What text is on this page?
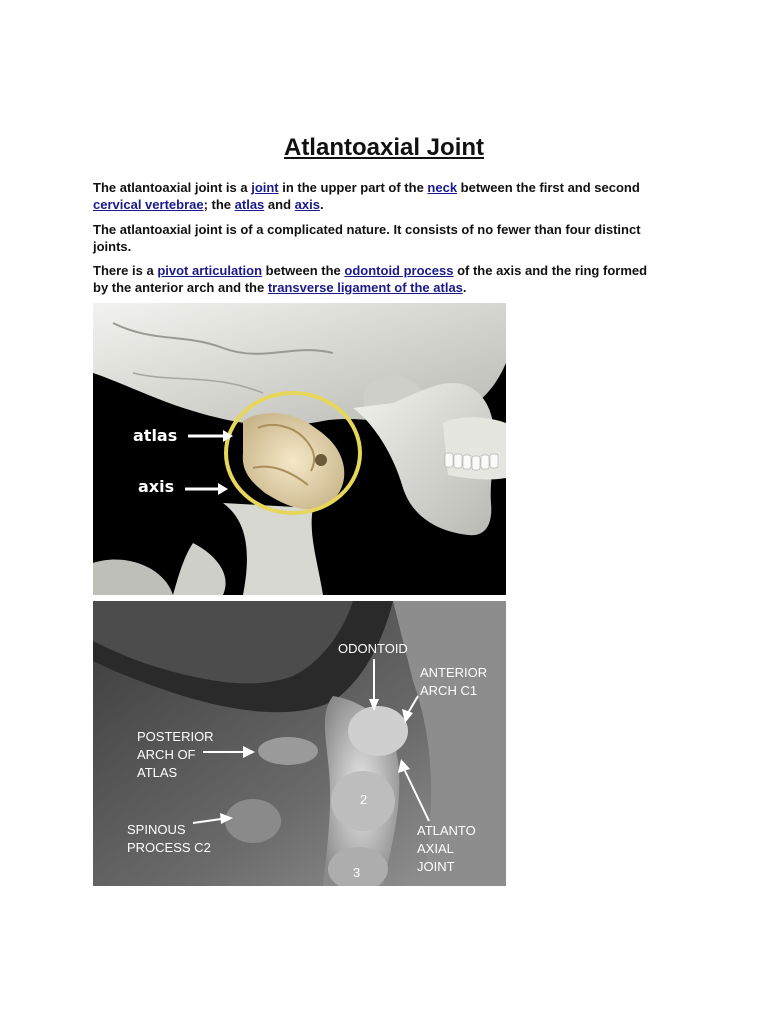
Atlantoaxial Joint

The atlantoaxial joint is a joint in the upper part of the neck between the first and second cervical vertebrae; the atlas and axis.

The atlantoaxial joint is of a complicated nature. It consists of no fewer than four distinct joints.

There is a pivot articulation between the odontoid process of the axis and the ring formed by the anterior arch and the transverse ligament of the atlas.

atlas
axis
ODONTOID
ANTERIOR
ARCH C1
POSTERIOR
ARCH OF
ATLAS
SPINOUS
PROCESS C2
ATLANTO
AXIAL
JOINT
2
3
